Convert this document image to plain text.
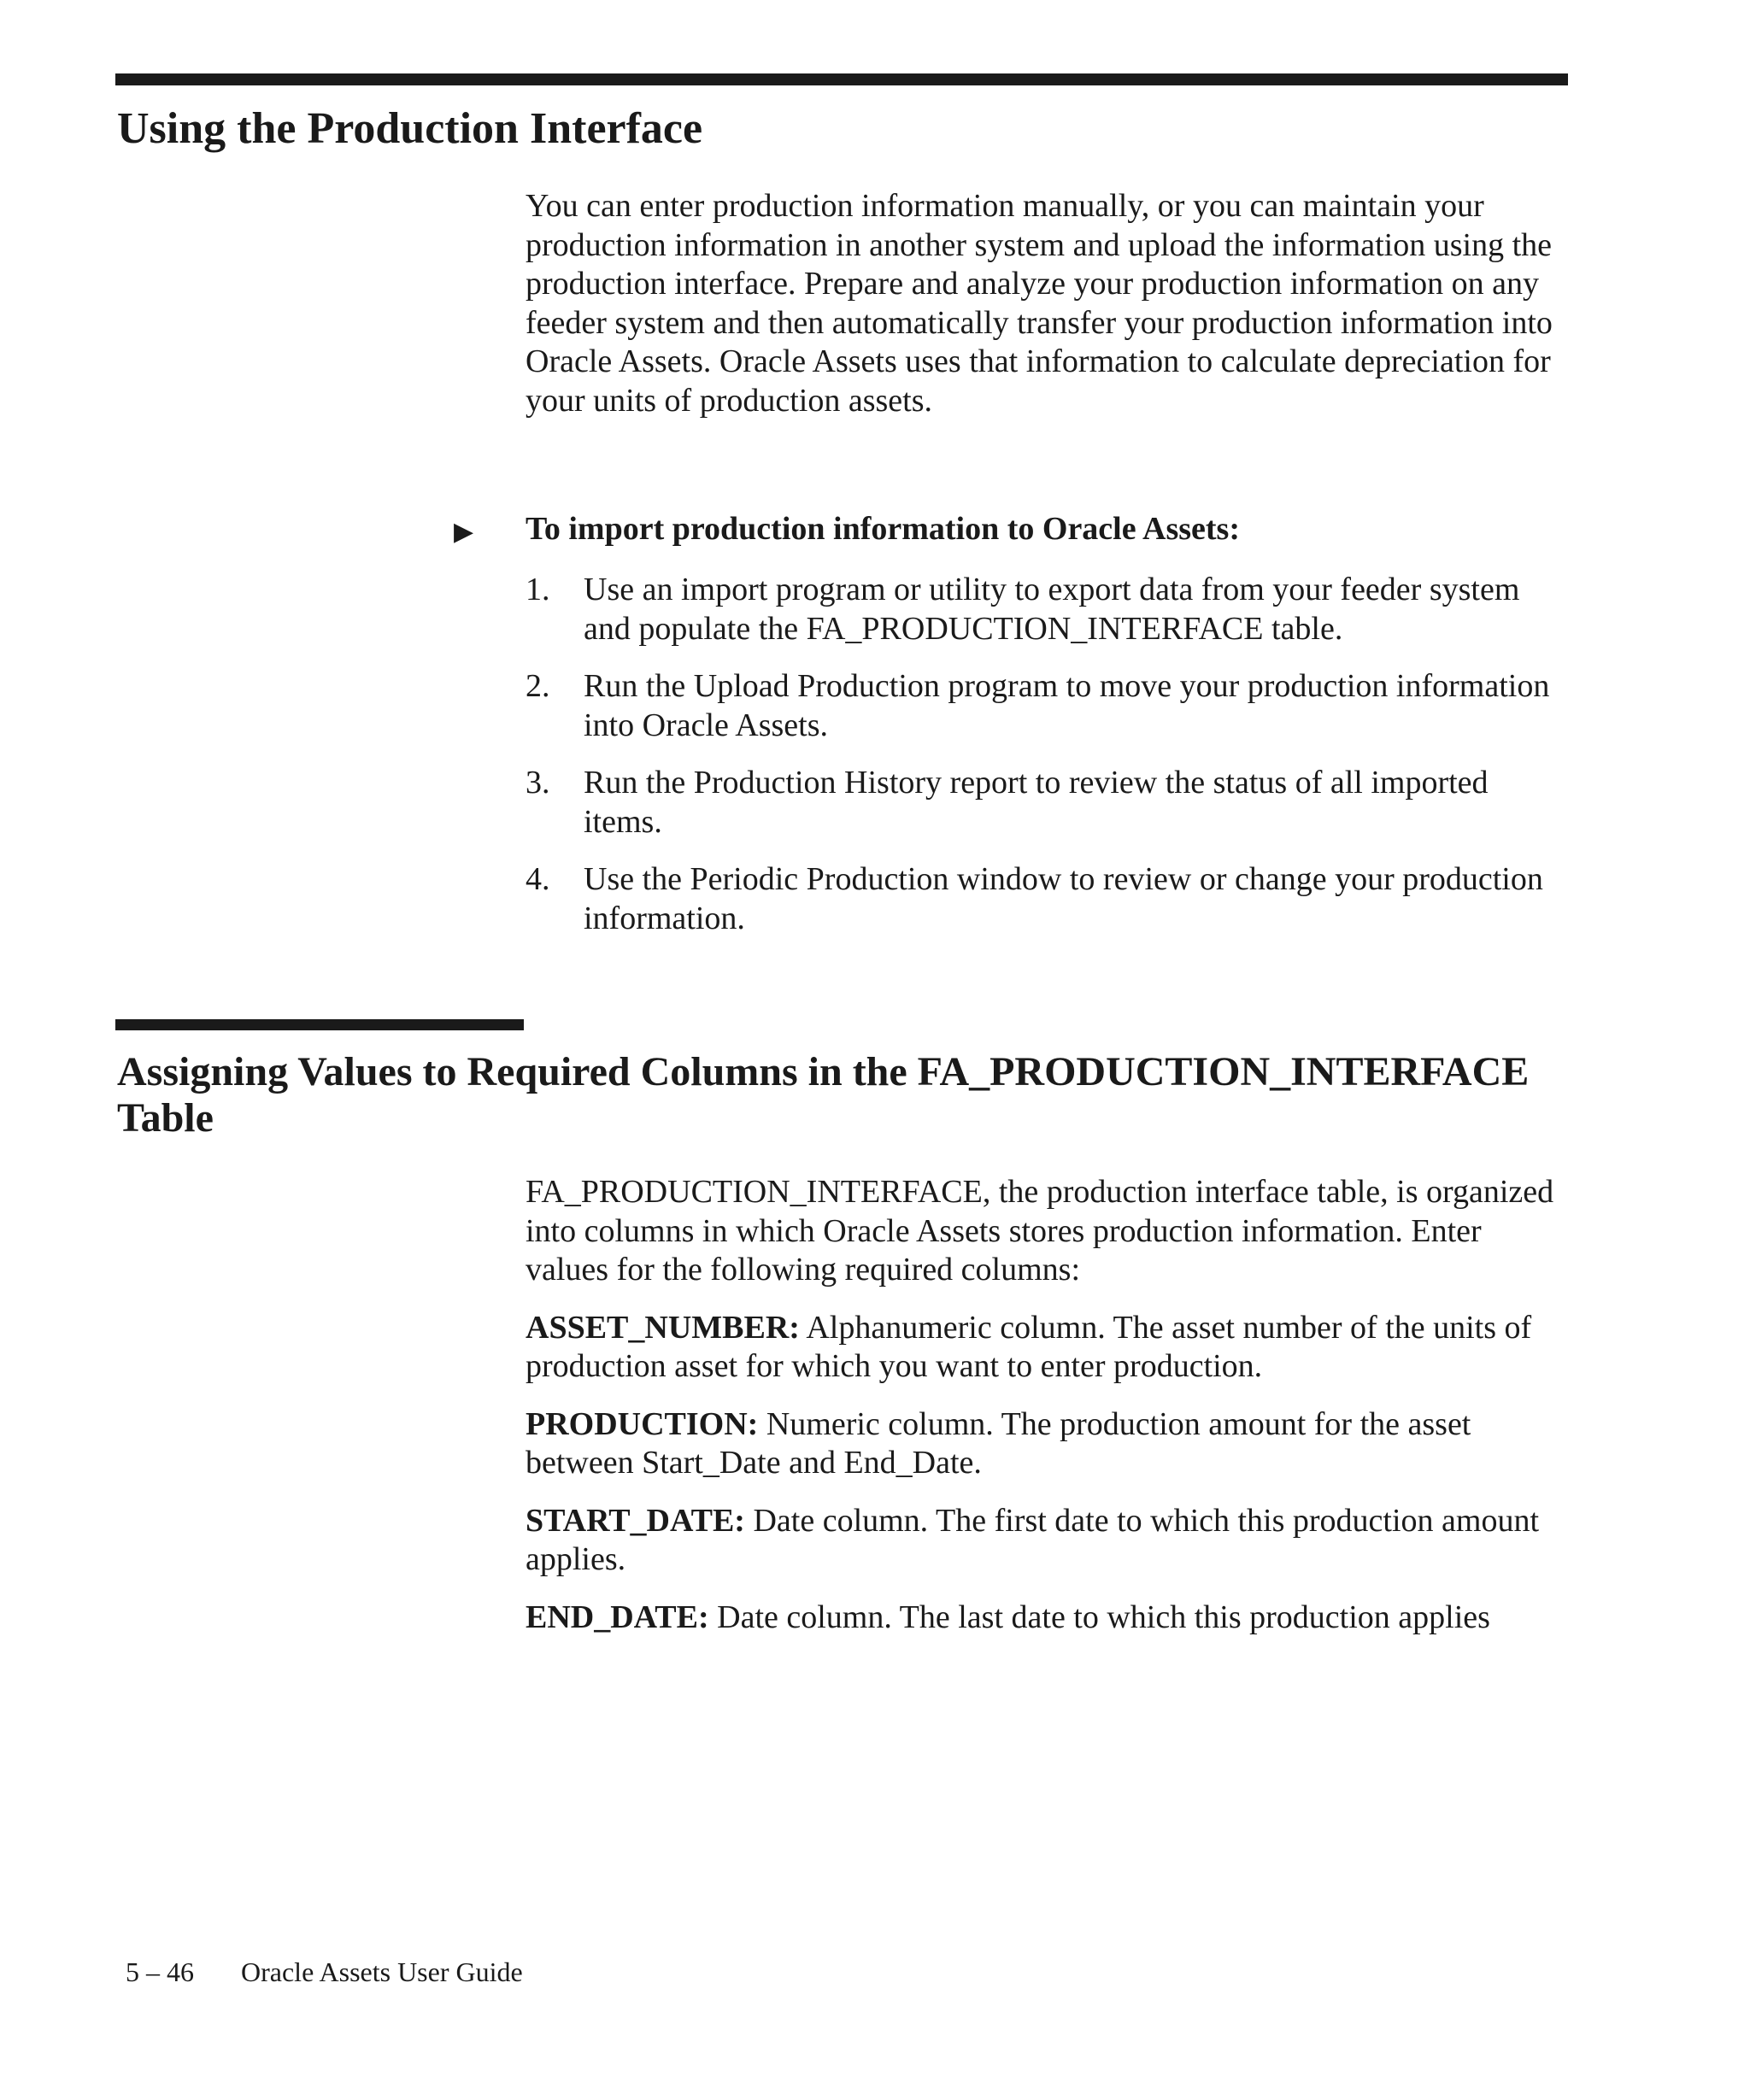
Using the Production Interface

You can enter production information manually, or you can maintain your production information in another system and upload the information using the production interface. Prepare and analyze your production information on any feeder system and then automatically transfer your production information into Oracle Assets. Oracle Assets uses that information to calculate depreciation for your units of production assets.

▶ To import production information to Oracle Assets:

1. Use an import program or utility to export data from your feeder system and populate the FA_PRODUCTION_INTERFACE table.
2. Run the Upload Production program to move your production information into Oracle Assets.
3. Run the Production History report to review the status of all imported items.
4. Use the Periodic Production window to review or change your production information.
Assigning Values to Required Columns in the FA_PRODUCTION_INTERFACE Table

FA_PRODUCTION_INTERFACE, the production interface table, is organized into columns in which Oracle Assets stores production information. Enter values for the following required columns:

ASSET_NUMBER: Alphanumeric column. The asset number of the units of production asset for which you want to enter production.

PRODUCTION: Numeric column. The production amount for the asset between Start_Date and End_Date.

START_DATE: Date column. The first date to which this production amount applies.

END_DATE: Date column. The last date to which this production applies

5 – 46 Oracle Assets User Guide
